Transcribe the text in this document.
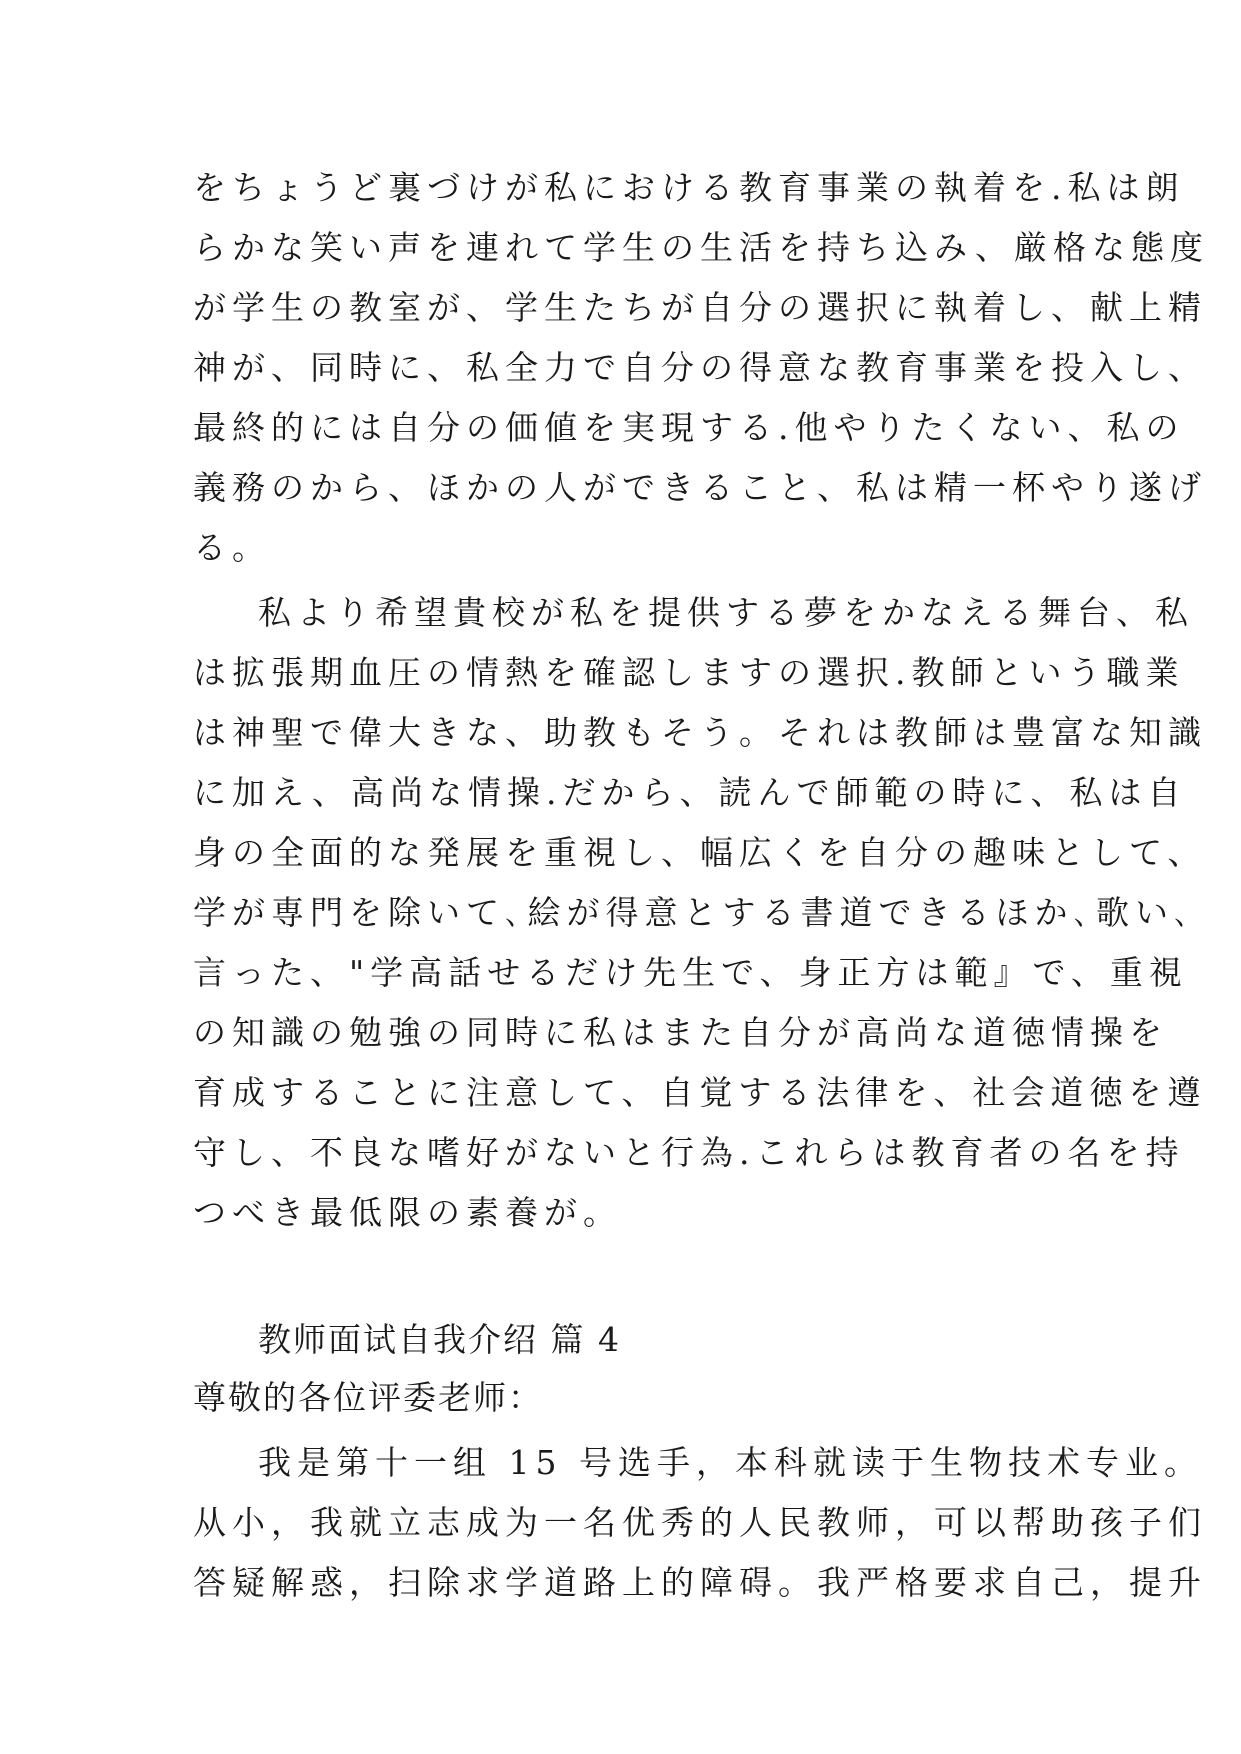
をちょうど裏づけが私における教育事業の執着を.私は朗
らかな笑い声を連れて学生の生活を持ち込み、厳格な態度
が学生の教室が、学生たちが自分の選択に執着し、献上精
神が、同時に、私全力で自分の得意な教育事業を投入し、
最終的には自分の価値を実現する.他やりたくない、私の
義務のから、ほかの人ができること、私は精一杯やり遂げ
る。
私より希望貴校が私を提供する夢をかなえる舞台、私
は拡張期血圧の情熱を確認しますの選択.教師という職業
は神聖で偉大きな、助教もそう。それは教師は豊富な知識
に加え、高尚な情操.だから、読んで師範の時に、私は自
身の全面的な発展を重視し、幅広くを自分の趣味として、
学が専門を除いて､絵が得意とする書道できるほか､歌い､
言った、"学高話せるだけ先生で、身正方は範』で、重視
の知識の勉強の同時に私はまた自分が高尚な道徳情操を
育成することに注意して、自覚する法律を、社会道徳を遵
守し、不良な嗜好がないと行為.これらは教育者の名を持
つべき最低限の素養が。
教师面试自我介绍 篇 4
尊敬的各位评委老师：
我是第十一组 15 号选手，本科就读于生物技术专业。
从小，我就立志成为一名优秀的人民教师，可以帮助孩子们
答疑解惑，扫除求学道路上的障碍。我严格要求自己，提升
